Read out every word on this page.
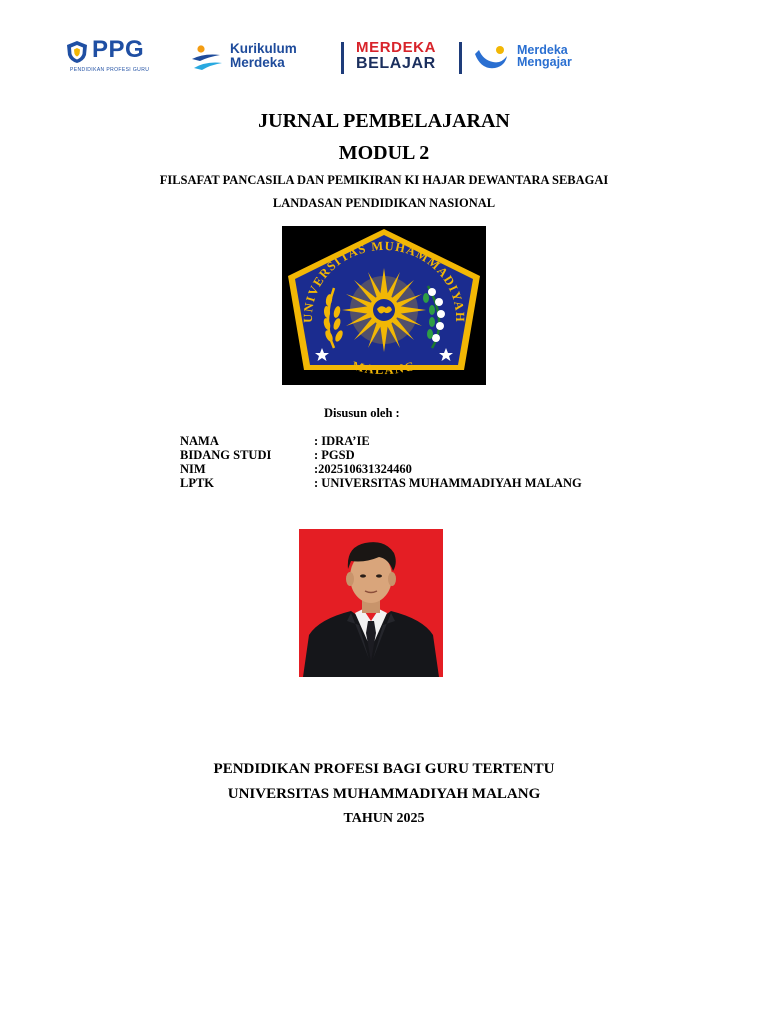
PPG
PENDIDIKAN PROFESI GURU
Kurikulum
Merdeka
MERDEKA
BELAJAR
Merdeka
Mengajar
JURNAL PEMBELAJARAN
MODUL 2
FILSAFAT PANCASILA DAN PEMIKIRAN KI HAJAR DEWANTARA SEBAGAI
LANDASAN PENDIDIKAN NASIONAL
UNIVERSITAS MUHAMMADIYAH
MALANG
Disusun oleh :
NAMA	: IDRA’IE
BIDANG STUDI	: PGSD
NIM	:202510631324460
LPTK	: UNIVERSITAS MUHAMMADIYAH MALANG
PENDIDIKAN PROFESI BAGI GURU TERTENTU
UNIVERSITAS MUHAMMADIYAH MALANG
TAHUN 2025
